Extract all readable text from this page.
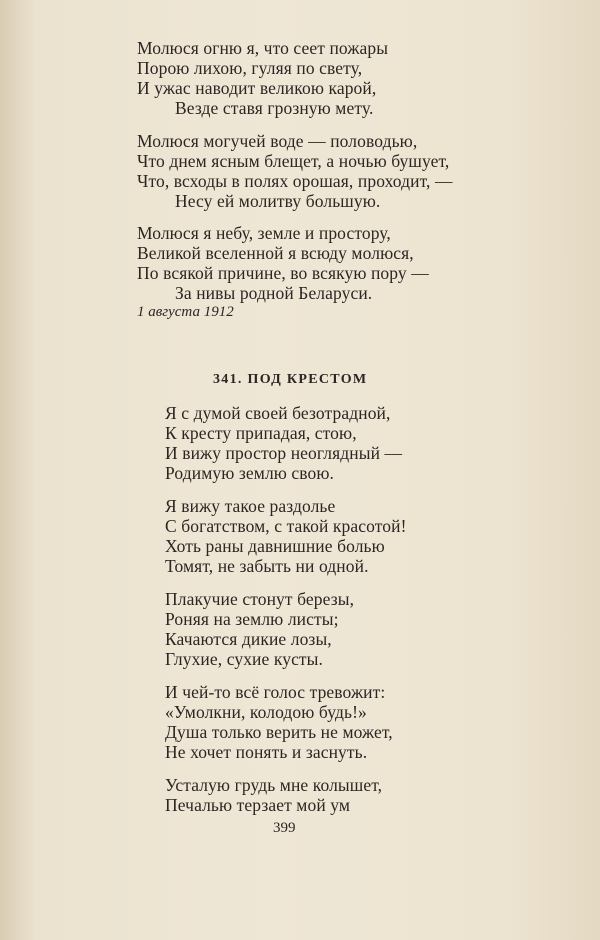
Молюся огню я, что сеет пожары
Порою лихою, гуляя по свету,
И ужас наводит великою карой,
Везде ставя грозную мету.
Молюся могучей воде — половодью,
Что днем ясным блещет, а ночью бушует,
Что, всходы в полях орошая, проходит, —
Несу ей молитву большую.
Молюся я небу, земле и простору,
Великой вселенной я всюду молюся,
По всякой причине, во всякую пору —
За нивы родной Беларуси.
1 августа 1912
341. ПОД КРЕСТОМ
Я с думой своей безотрадной,
К кресту припадая, стою,
И вижу простор неоглядный —
Родимую землю свою.
Я вижу такое раздолье
С богатством, с такой красотой!
Хоть раны давнишние болью
Томят, не забыть ни одной.
Плакучие стонут березы,
Роняя на землю листы;
Качаются дикие лозы,
Глухие, сухие кусты.
И чей-то всё голос тревожит:
«Умолкни, колодою будь!»
Душа только верить не может,
Не хочет понять и заснуть.
Усталую грудь мне колышет,
Печалью терзает мой ум
399
